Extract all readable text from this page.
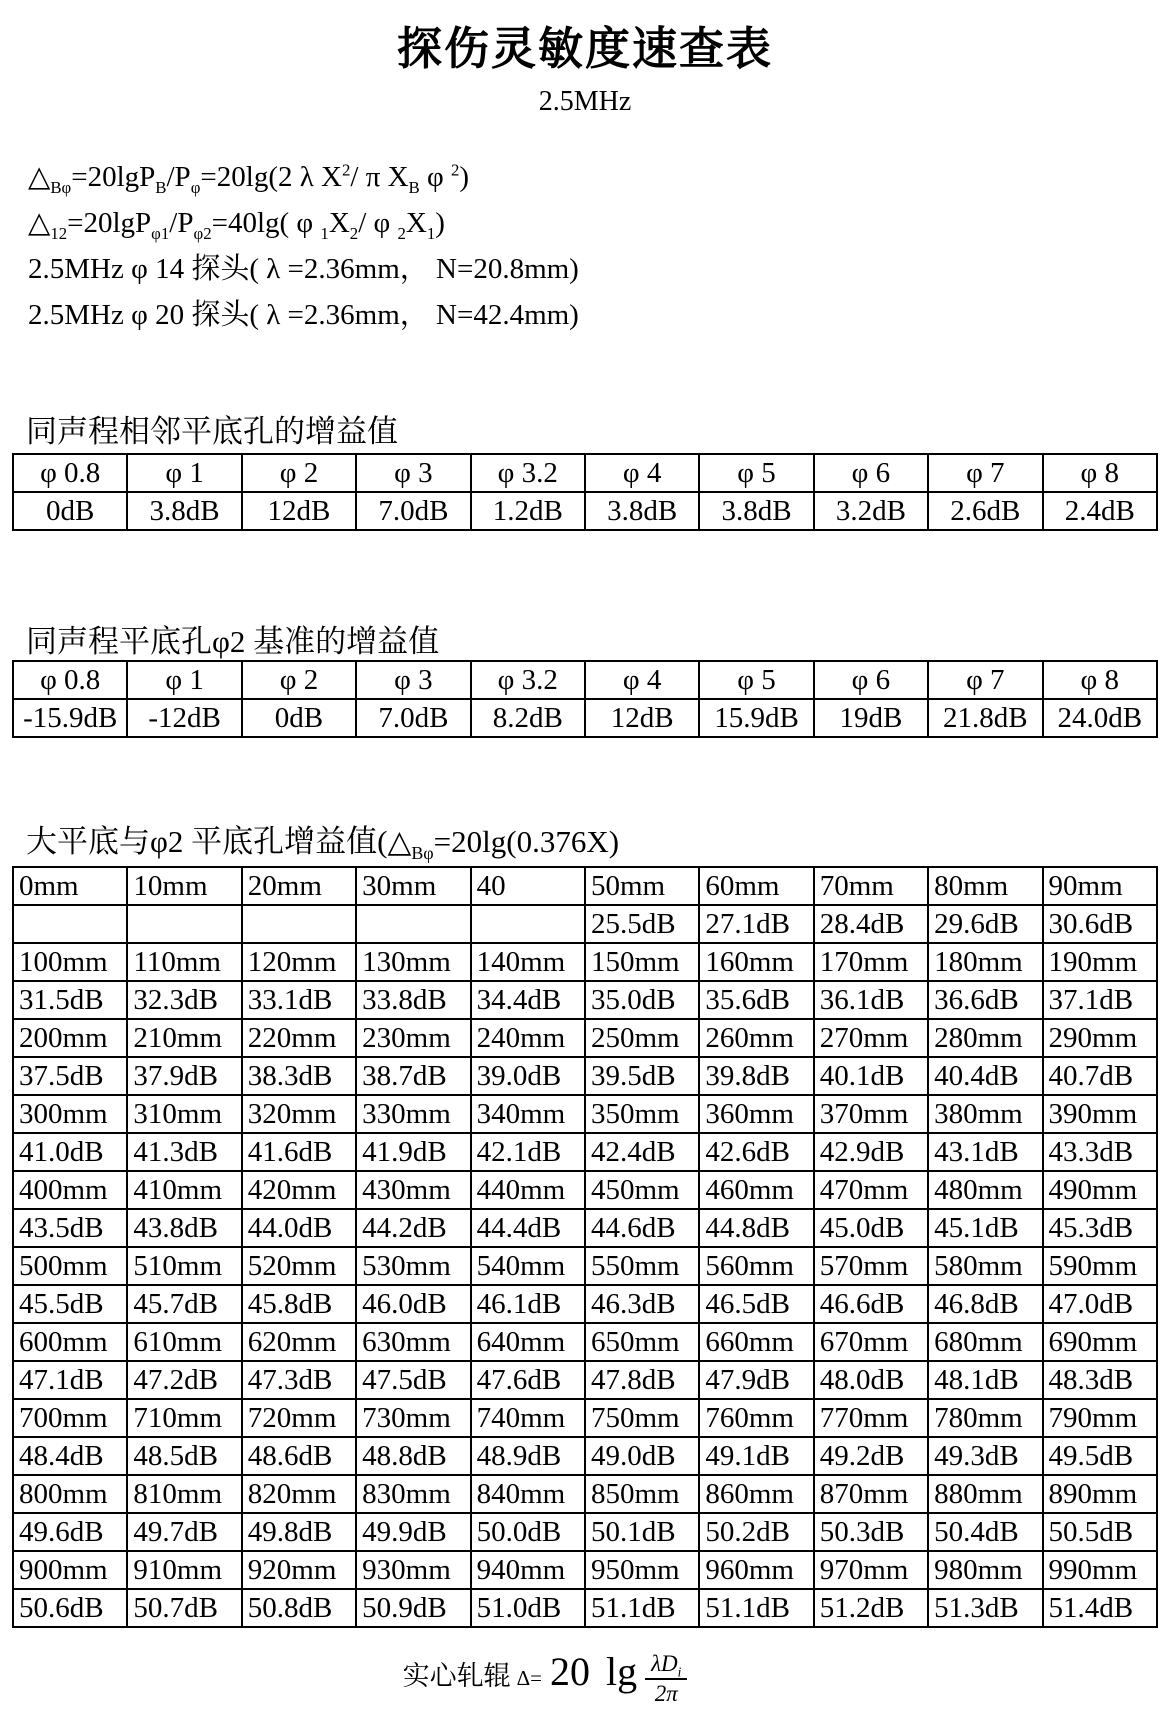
探伤灵敏度速查表
2.5MHz
$\triangle_{B\varphi}=20\lg P_B/P_\varphi=20\lg(2$ λ $X^2/$ π $X_B$ φ $^2$)
$\triangle_{12}=20\lg P_{\varphi 1}/P_{\varphi 2}=40\lg$( φ $_1X_2/$ φ $_2X_1$)
2.5MHz φ 14 探头( λ =2.36mm， N=20.8mm)
2.5MHz φ 20 探头( λ =2.36mm， N=42.4mm)
同声程相邻平底孔的增益值
φ 0.8	φ 1	φ 2	φ 3	φ 3.2	φ 4	φ 5	φ 6	φ 7	φ 8
0dB	3.8dB	12dB	7.0dB	1.2dB	3.8dB	3.8dB	3.2dB	2.6dB	2.4dB
同声程平底孔φ2 基准的增益值
φ 0.8	φ 1	φ 2	φ 3	φ 3.2	φ 4	φ 5	φ 6	φ 7	φ 8
-15.9dB	-12dB	0dB	7.0dB	8.2dB	12dB	15.9dB	19dB	21.8dB	24.0dB
大平底与φ2 平底孔增益值($\triangle_{B\varphi}=20\lg(0.376X)$
0mm	10mm	20mm	30mm	40	50mm	60mm	70mm	80mm	90mm
					25.5dB	27.1dB	28.4dB	29.6dB	30.6dB
100mm	110mm	120mm	130mm	140mm	150mm	160mm	170mm	180mm	190mm
31.5dB	32.3dB	33.1dB	33.8dB	34.4dB	35.0dB	35.6dB	36.1dB	36.6dB	37.1dB
200mm	210mm	220mm	230mm	240mm	250mm	260mm	270mm	280mm	290mm
37.5dB	37.9dB	38.3dB	38.7dB	39.0dB	39.5dB	39.8dB	40.1dB	40.4dB	40.7dB
300mm	310mm	320mm	330mm	340mm	350mm	360mm	370mm	380mm	390mm
41.0dB	41.3dB	41.6dB	41.9dB	42.1dB	42.4dB	42.6dB	42.9dB	43.1dB	43.3dB
400mm	410mm	420mm	430mm	440mm	450mm	460mm	470mm	480mm	490mm
43.5dB	43.8dB	44.0dB	44.2dB	44.4dB	44.6dB	44.8dB	45.0dB	45.1dB	45.3dB
500mm	510mm	520mm	530mm	540mm	550mm	560mm	570mm	580mm	590mm
45.5dB	45.7dB	45.8dB	46.0dB	46.1dB	46.3dB	46.5dB	46.6dB	46.8dB	47.0dB
600mm	610mm	620mm	630mm	640mm	650mm	660mm	670mm	680mm	690mm
47.1dB	47.2dB	47.3dB	47.5dB	47.6dB	47.8dB	47.9dB	48.0dB	48.1dB	48.3dB
700mm	710mm	720mm	730mm	740mm	750mm	760mm	770mm	780mm	790mm
48.4dB	48.5dB	48.6dB	48.8dB	48.9dB	49.0dB	49.1dB	49.2dB	49.3dB	49.5dB
800mm	810mm	820mm	830mm	840mm	850mm	860mm	870mm	880mm	890mm
49.6dB	49.7dB	49.8dB	49.9dB	50.0dB	50.1dB	50.2dB	50.3dB	50.4dB	50.5dB
900mm	910mm	920mm	930mm	940mm	950mm	960mm	970mm	980mm	990mm
50.6dB	50.7dB	50.8dB	50.9dB	51.0dB	51.1dB	51.1dB	51.2dB	51.3dB	51.4dB
实心轧辊 Δ= 20 $\lg \frac{\lambda D_i}{2\pi}$
